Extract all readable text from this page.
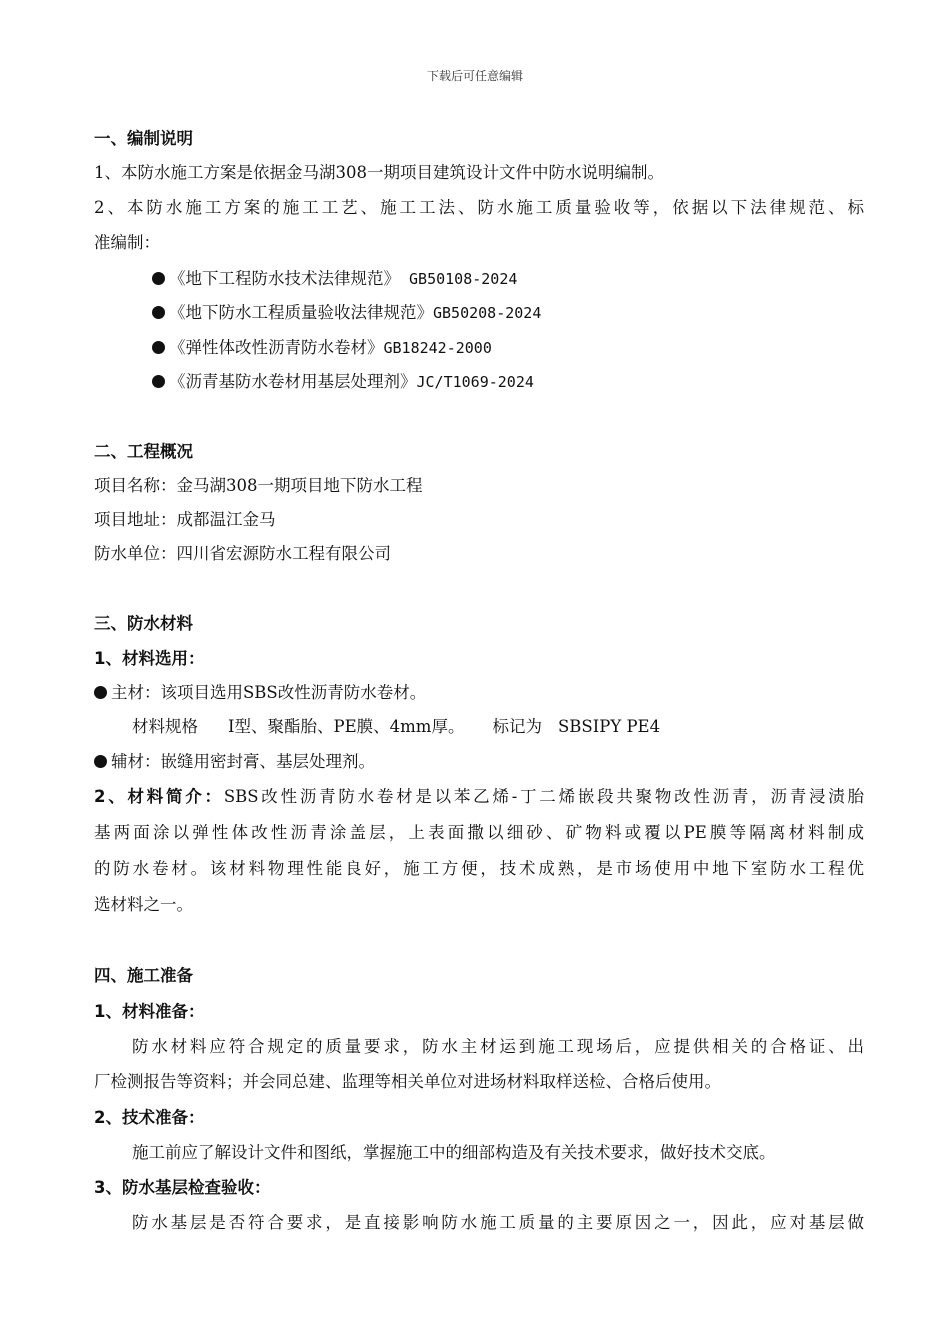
下载后可任意编辑
一、编制说明
1、本防水施工方案是依据金马湖308一期项目建筑设计文件中防水说明编制。
2、本防水施工方案的施工工艺、施工工法、防水施工质量验收等，依据以下法律规范、标
准编制：
《地下工程防水技术法律规范》 GB50108-2024
《地下防水工程质量验收法律规范》GB50208-2024
《弹性体改性沥青防水卷材》GB18242-2000
《沥青基防水卷材用基层处理剂》JC/T1069-2024
二、工程概况
项目名称：金马湖308一期项目地下防水工程
项目地址：成都温江金马
防水单位：四川省宏源防水工程有限公司
三、防水材料
1、材料选用：
主材：该项目选用SBS改性沥青防水卷材。
材料规格 Ⅰ型、聚酯胎、PE膜、4mm厚。 标记为 SBSⅠPY PE4
辅材：嵌缝用密封膏、基层处理剂。
2、材料简介：SBS改性沥青防水卷材是以苯乙烯-丁二烯嵌段共聚物改性沥青，沥青浸渍胎
基两面涂以弹性体改性沥青涂盖层，上表面撒以细砂、矿物料或覆以PE膜等隔离材料制成
的防水卷材。该材料物理性能良好，施工方便，技术成熟，是市场使用中地下室防水工程优
选材料之一。
四、施工准备
1、材料准备：
防水材料应符合规定的质量要求，防水主材运到施工现场后，应提供相关的合格证、出
厂检测报告等资料；并会同总建、监理等相关单位对进场材料取样送检、合格后使用。
2、技术准备：
施工前应了解设计文件和图纸，掌握施工中的细部构造及有关技术要求，做好技术交底。
3、防水基层检查验收：
防水基层是否符合要求，是直接影响防水施工质量的主要原因之一，因此，应对基层做
